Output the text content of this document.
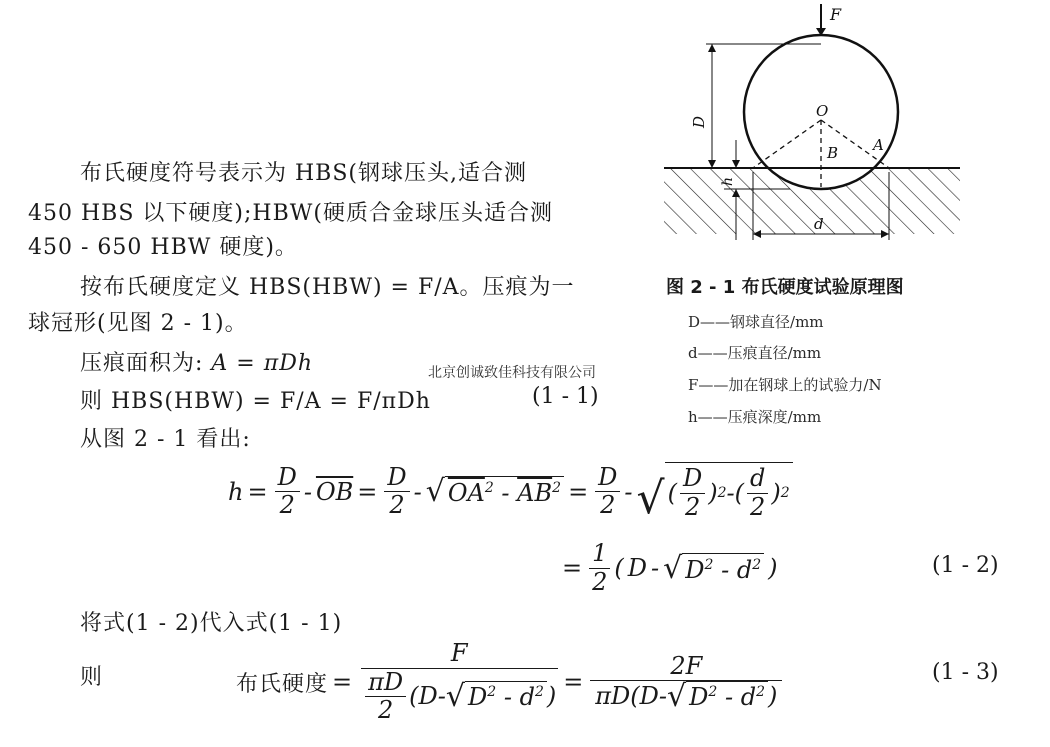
布氏硬度符号表示为 HBS(钢球压头,适合测
450 HBS 以下硬度);HBW(硬质合金球压头适合测
450 - 650 HBW 硬度)。
按布氏硬度定义 HBS(HBW) = F/A。压痕为一
球冠形(见图 2 - 1)。
压痕面积为: A = πDh
则 HBS(HBW) = F/A = F/πDh	(1 - 1)
从图 2 - 1 看出:
北京创诚致佳科技有限公司
$h = \frac{D}{2} - \overline{OB} = \frac{D}{2}$ - √ $OA^2 - \overline{AB}^2 = \frac{D}{2}$ - √ ( $\frac{D}{2}$ ) 2 - ( $\frac{d}{2}$ ) 2
= $\frac{1}{2}$ ( D - √ $D^2 - d^2$ )	(1 - 2)
将式(1 - 2)代入式(1 - 1)
则	布氏硬度 =
F
$\frac{\pi D}{2}$ ( D - √ $D^2 - d^2$ ) =
2F
πD( D - √ $D^2 - d^2$ )
(1 - 3)
F
O
B A
D
h
d
图 2 - 1 布氏硬度试验原理图
D——钢球直径/mm
d——压痕直径/mm
F——加在钢球上的试验力/N
h——压痕深度/mm
